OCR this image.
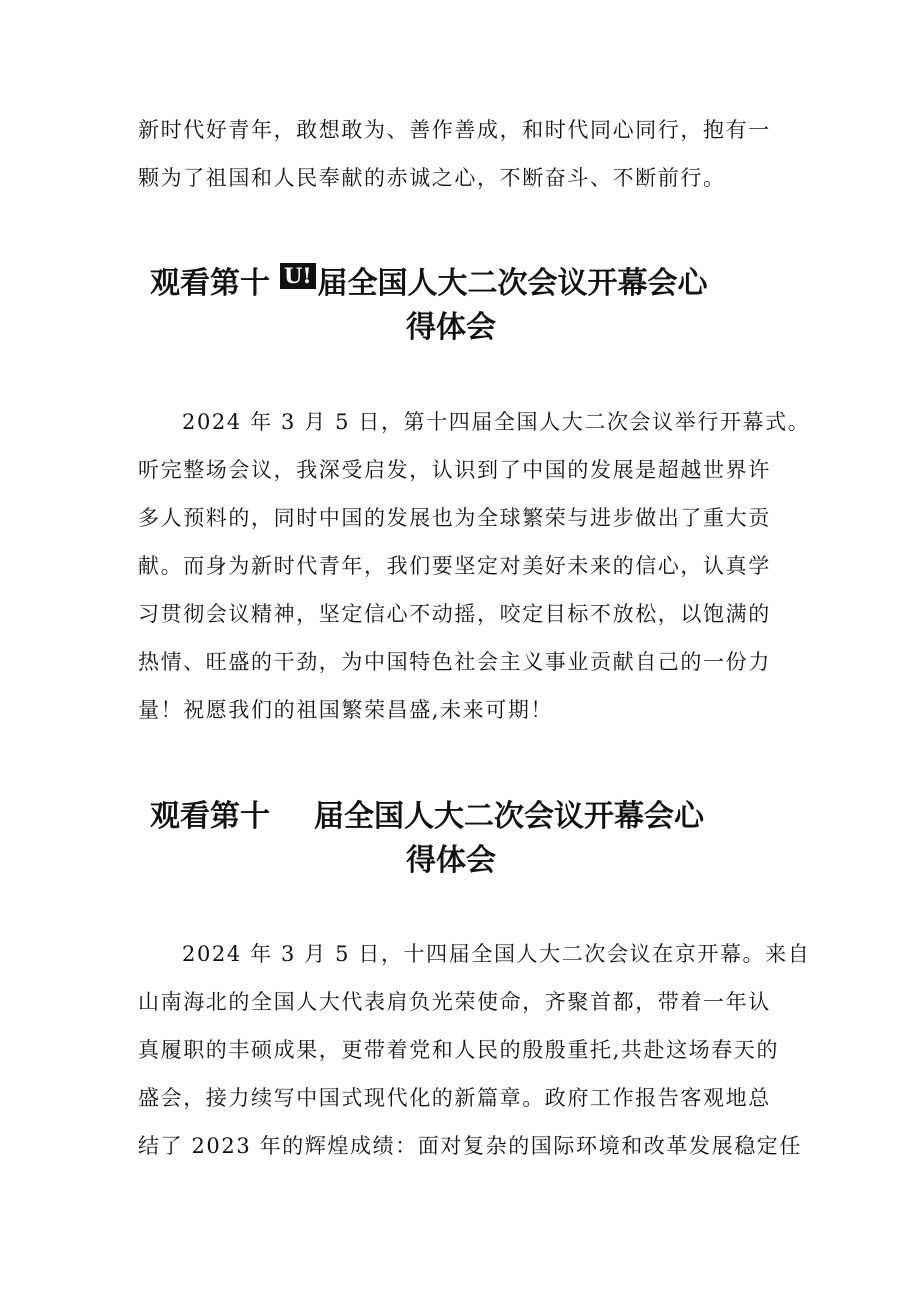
新时代好青年，敢想敢为、善作善成，和时代同心同行，抱有一
颗为了祖国和人民奉献的赤诚之心，不断奋斗、不断前行。

观看第十 U! 届全国人大二次会议开幕会心
得体会

2024 年 3 月 5 日，第十四届全国人大二次会议举行开幕式。
听完整场会议，我深受启发，认识到了中国的发展是超越世界许
多人预料的，同时中国的发展也为全球繁荣与进步做出了重大贡
献。而身为新时代青年，我们要坚定对美好未来的信心，认真学
习贯彻会议精神，坚定信心不动摇，咬定目标不放松，以饱满的
热情、旺盛的干劲，为中国特色社会主义事业贡献自己的一份力
量！祝愿我们的祖国繁荣昌盛,未来可期！

观看第十 届全国人大二次会议开幕会心
得体会

2024 年 3 月 5 日，十四届全国人大二次会议在京开幕。来自
山南海北的全国人大代表肩负光荣使命，齐聚首都，带着一年认
真履职的丰硕成果，更带着党和人民的殷殷重托,共赴这场春天的
盛会，接力续写中国式现代化的新篇章。政府工作报告客观地总
结了 2023 年的辉煌成绩：面对复杂的国际环境和改革发展稳定任
